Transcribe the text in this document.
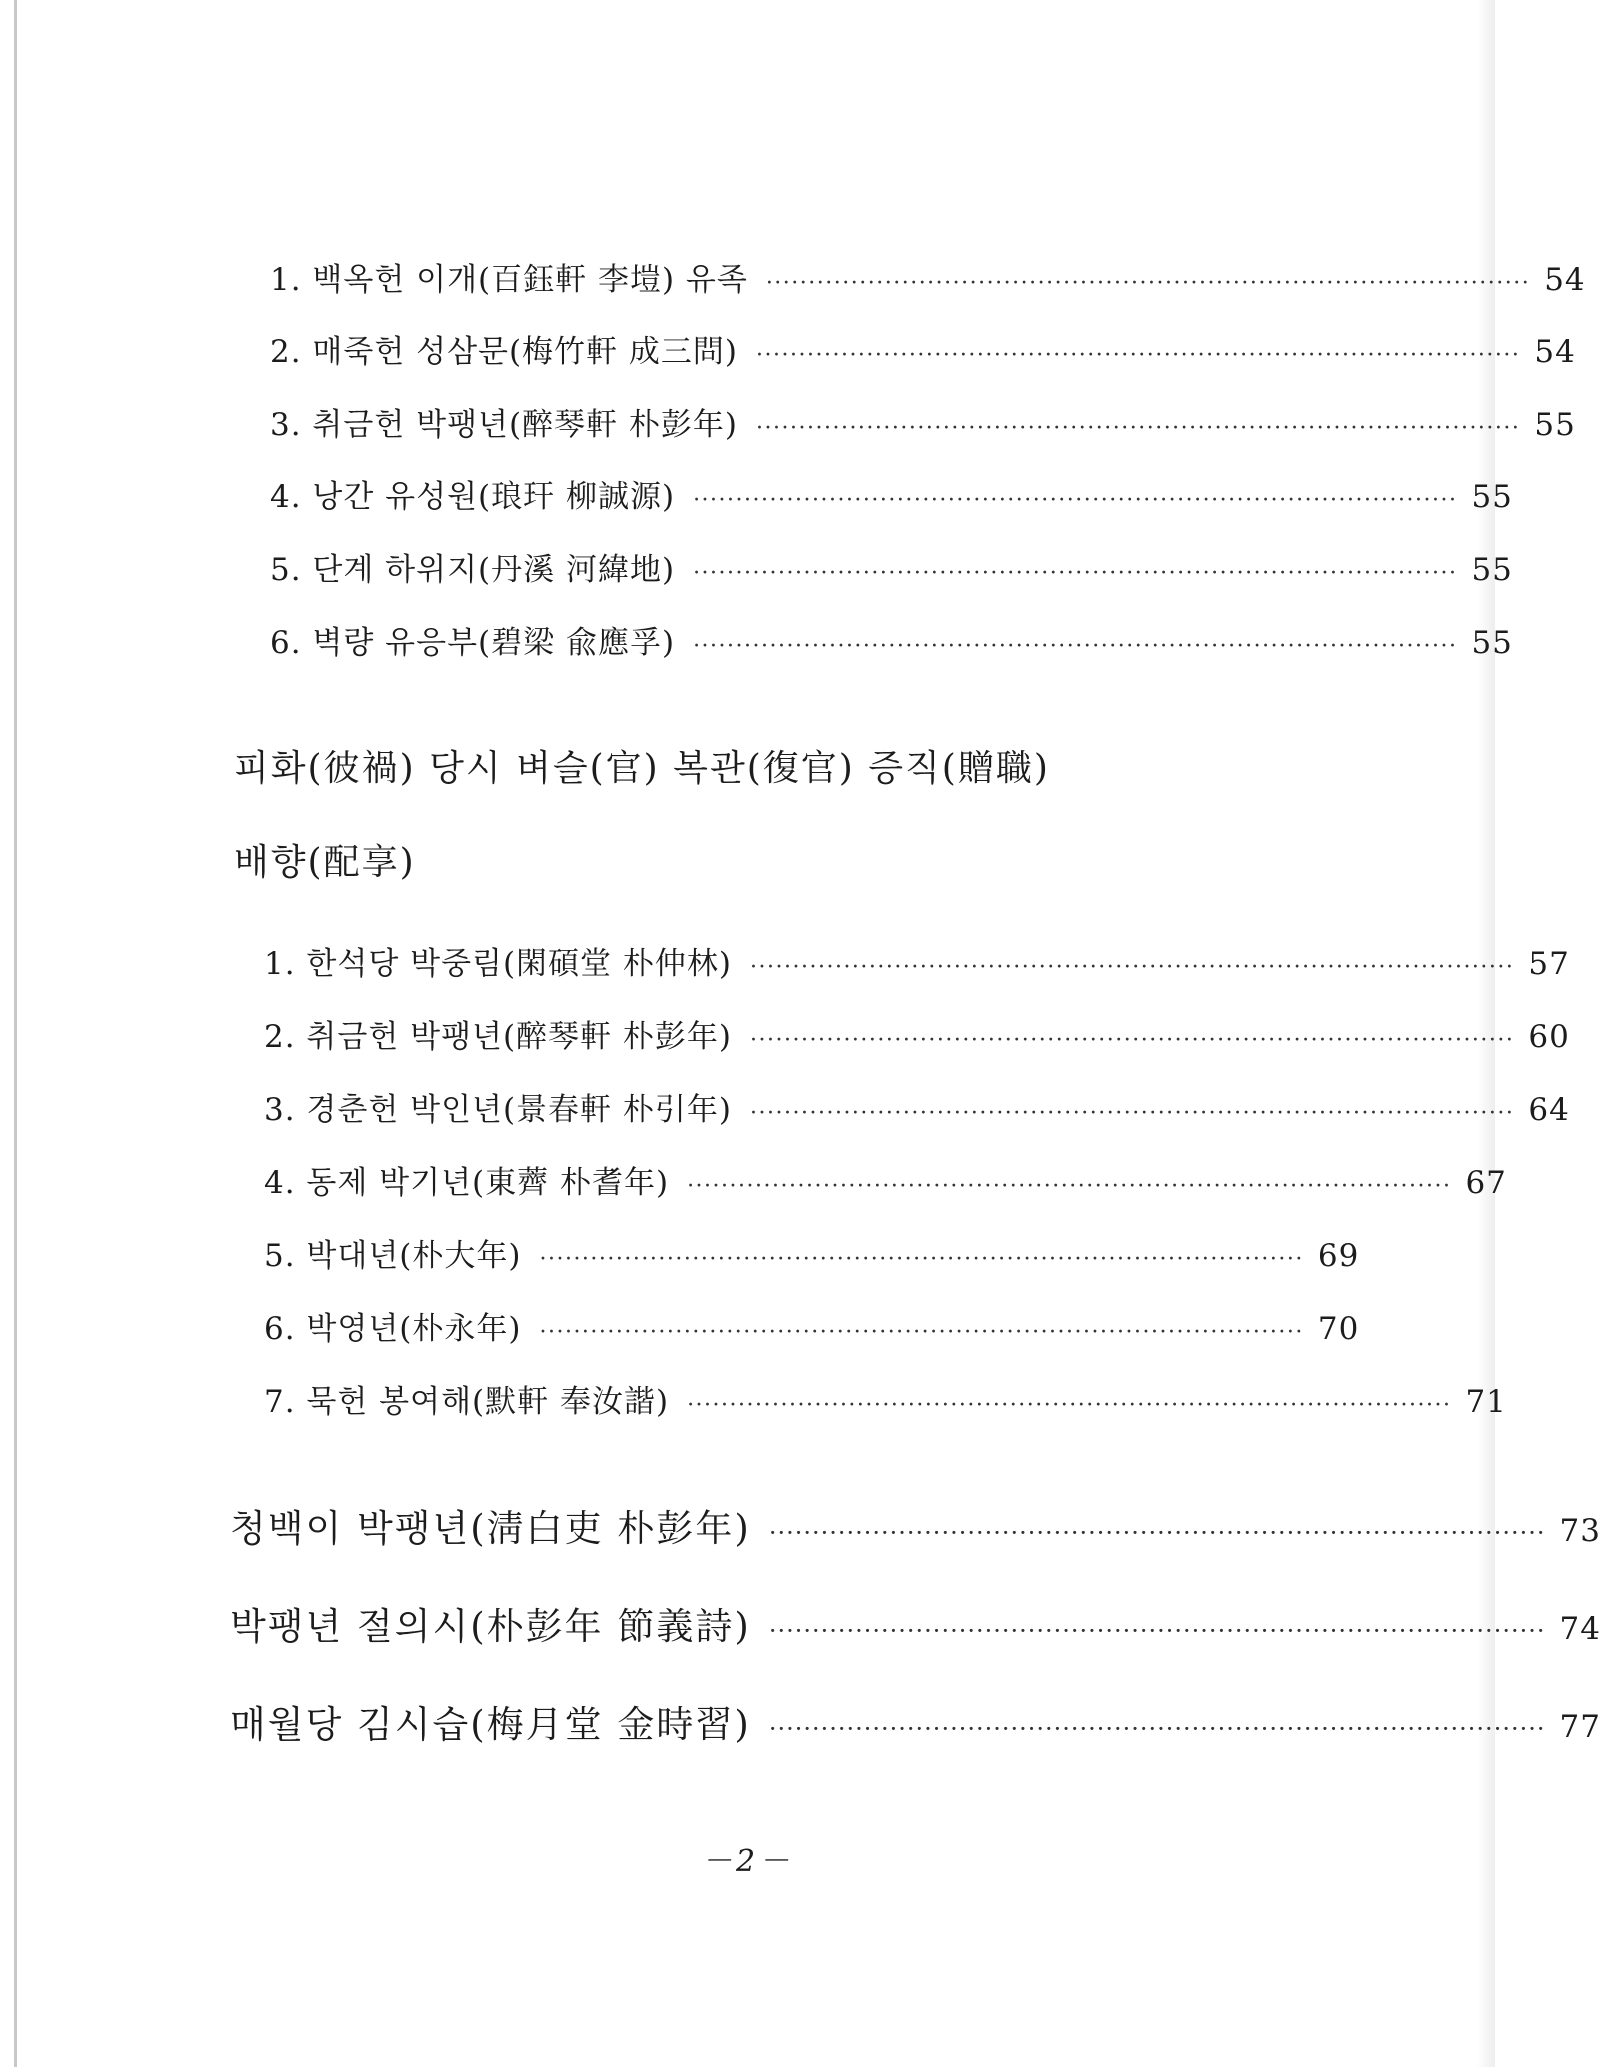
1. 백옥헌 이개(百鈺軒 李塏) 유족 ·························································································· 54
2. 매죽헌 성삼문(梅竹軒 成三問) ·························································································· 54
3. 취금헌 박팽년(醉琴軒 朴彭年) ·························································································· 55
4. 낭간 유성원(琅玕 柳誠源) ·························································································· 55
5. 단계 하위지(丹溪 河緯地) ·························································································· 55
6. 벽량 유응부(碧梁 兪應孚) ·························································································· 55
피화(彼禍) 당시 벼슬(官) 복관(復官) 증직(贈職)
배향(配享)
1. 한석당 박중림(閑碩堂 朴仲林) ·························································································· 57
2. 취금헌 박팽년(醉琴軒 朴彭年) ·························································································· 60
3. 경춘헌 박인년(景春軒 朴引年) ·························································································· 64
4. 동제 박기년(東薺 朴耆年) ·························································································· 67
5. 박대년(朴大年) ·························································································· 69
6. 박영년(朴永年) ·························································································· 70
7. 묵헌 봉여해(默軒 奉汝諧) ·························································································· 71
청백이 박팽년(淸白吏 朴彭年) ·························································································· 73
박팽년 절의시(朴彭年 節義詩) ·························································································· 74
매월당 김시습(梅月堂 金時習) ·························································································· 77
－2－
